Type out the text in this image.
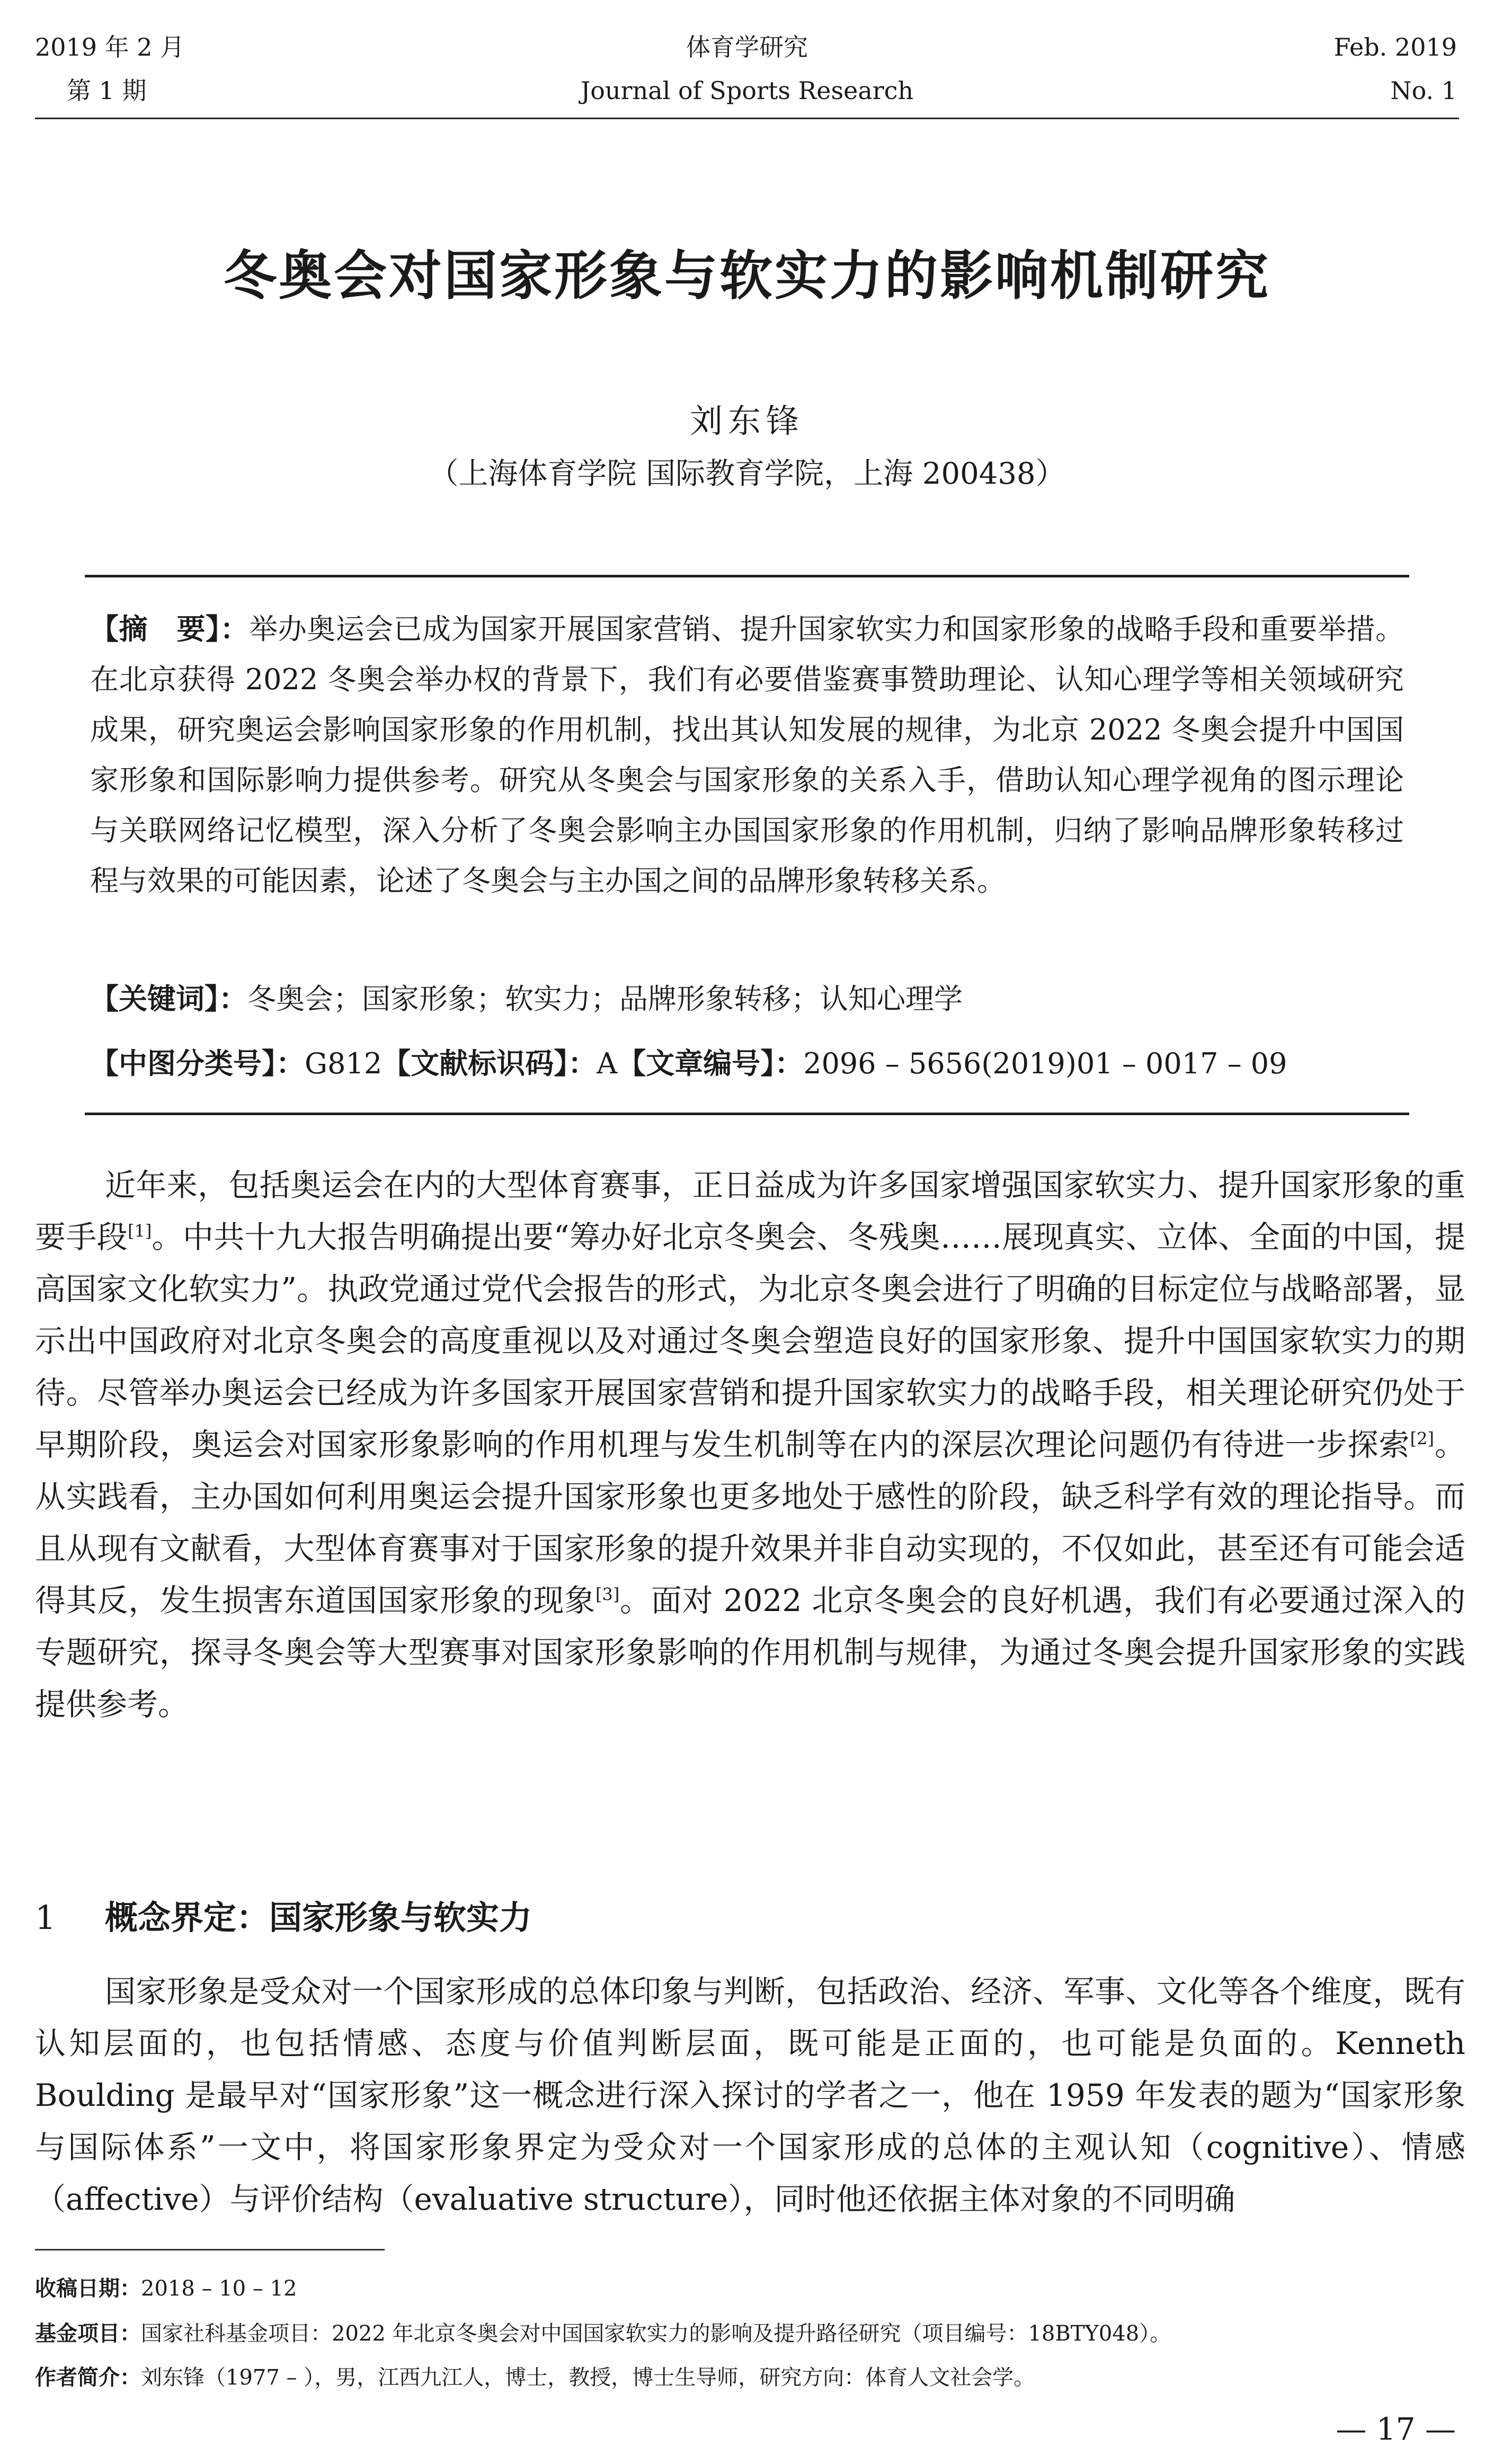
2019 年 2 月
第 1 期
体育学研究
Journal of Sports Research
Feb. 2019
No. 1
冬奥会对国家形象与软实力的影响机制研究
刘东锋
（上海体育学院 国际教育学院，上海 200438）
【摘　要】：举办奥运会已成为国家开展国家营销、提升国家软实力和国家形象的战略手段和重要举措。在北京获得 2022 冬奥会举办权的背景下，我们有必要借鉴赛事赞助理论、认知心理学等相关领域研究成果，研究奥运会影响国家形象的作用机制，找出其认知发展的规律，为北京 2022 冬奥会提升中国国家形象和国际影响力提供参考。研究从冬奥会与国家形象的关系入手，借助认知心理学视角的图示理论与关联网络记忆模型，深入分析了冬奥会影响主办国国家形象的作用机制，归纳了影响品牌形象转移过程与效果的可能因素，论述了冬奥会与主办国之间的品牌形象转移关系。
【关键词】：冬奥会；国家形象；软实力；品牌形象转移；认知心理学
【中图分类号】：G812【文献标识码】：A【文章编号】：2096 – 5656(2019)01 – 0017 – 09
近年来，包括奥运会在内的大型体育赛事，正日益成为许多国家增强国家软实力、提升国家形象的重要手段[1]。中共十九大报告明确提出要“筹办好北京冬奥会、冬残奥……展现真实、立体、全面的中国，提高国家文化软实力”。执政党通过党代会报告的形式，为北京冬奥会进行了明确的目标定位与战略部署，显示出中国政府对北京冬奥会的高度重视以及对通过冬奥会塑造良好的国家形象、提升中国国家软实力的期待。尽管举办奥运会已经成为许多国家开展国家营销和提升国家软实力的战略手段，相关理论研究仍处于早期阶段，奥运会对国家形象影响的作用机理与发生机制等在内的深层次理论问题仍有待进一步探索[2]。从实践看，主办国如何利用奥运会提升国家形象也更多地处于感性的阶段，缺乏科学有效的理论指导。而且从现有文献看，大型体育赛事对于国家形象的提升效果并非自动实现的，不仅如此，甚至还有可能会适得其反，发生损害东道国国家形象的现象[3]。面对 2022 北京冬奥会的良好机遇，我们有必要通过深入的专题研究，探寻冬奥会等大型赛事对国家形象影响的作用机制与规律，为通过冬奥会提升国家形象的实践提供参考。
1 概念界定：国家形象与软实力
国家形象是受众对一个国家形成的总体印象与判断，包括政治、经济、军事、文化等各个维度，既有认知层面的，也包括情感、态度与价值判断层面，既可能是正面的，也可能是负面的。Kenneth Boulding 是最早对“国家形象”这一概念进行深入探讨的学者之一，他在 1959 年发表的题为“国家形象与国际体系”一文中，将国家形象界定为受众对一个国家形成的总体的主观认知（cognitive）、情感（affective）与评价结构（evaluative structure），同时他还依据主体对象的不同明确
收稿日期：2018 – 10 – 12
基金项目：国家社科基金项目：2022 年北京冬奥会对中国国家软实力的影响及提升路径研究（项目编号：18BTY048）。
作者简介：刘东锋（1977 – ），男，江西九江人，博士，教授，博士生导师，研究方向：体育人文社会学。
— 17 —
